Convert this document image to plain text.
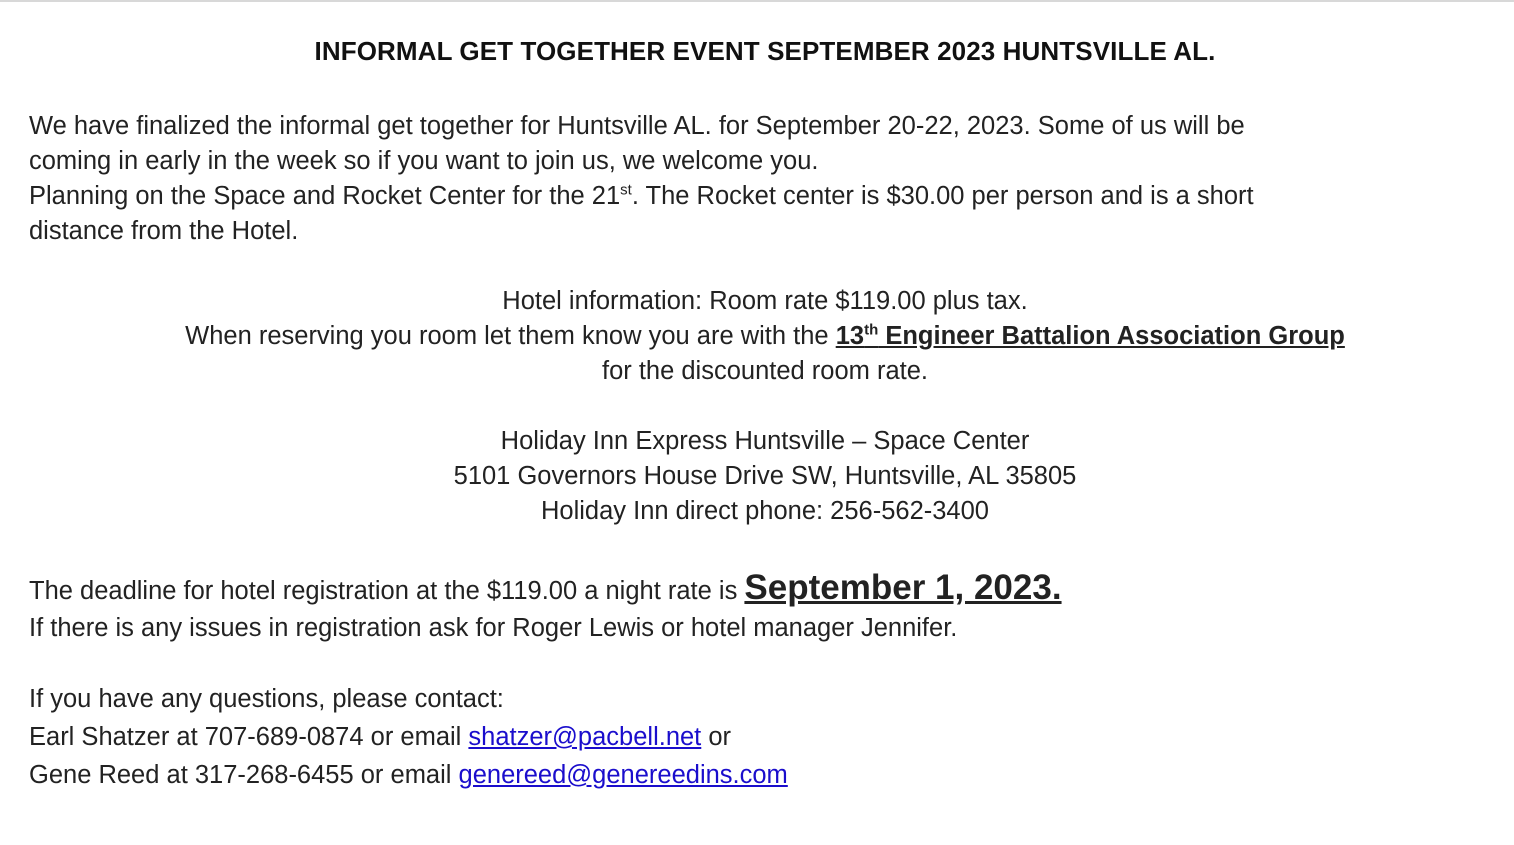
INFORMAL GET TOGETHER EVENT SEPTEMBER 2023 HUNTSVILLE AL.
We have finalized the informal get together for Huntsville AL. for September 20-22, 2023. Some of us will be
coming in early in the week so if you want to join us, we welcome you.
Planning on the Space and Rocket Center for the 21st. The Rocket center is $30.00 per person and is a short
distance from the Hotel.
Hotel information: Room rate $119.00 plus tax.
When reserving you room let them know you are with the 13th Engineer Battalion Association Group
for the discounted room rate.
Holiday Inn Express Huntsville – Space Center
5101 Governors House Drive SW, Huntsville, AL 35805
Holiday Inn direct phone: 256-562-3400
The deadline for hotel registration at the $119.00 a night rate is September 1, 2023.
If there is any issues in registration ask for Roger Lewis or hotel manager Jennifer.
If you have any questions, please contact:
Earl Shatzer at 707-689-0874 or email shatzer@pacbell.net or
Gene Reed at 317-268-6455 or email genereed@genereedins.com
